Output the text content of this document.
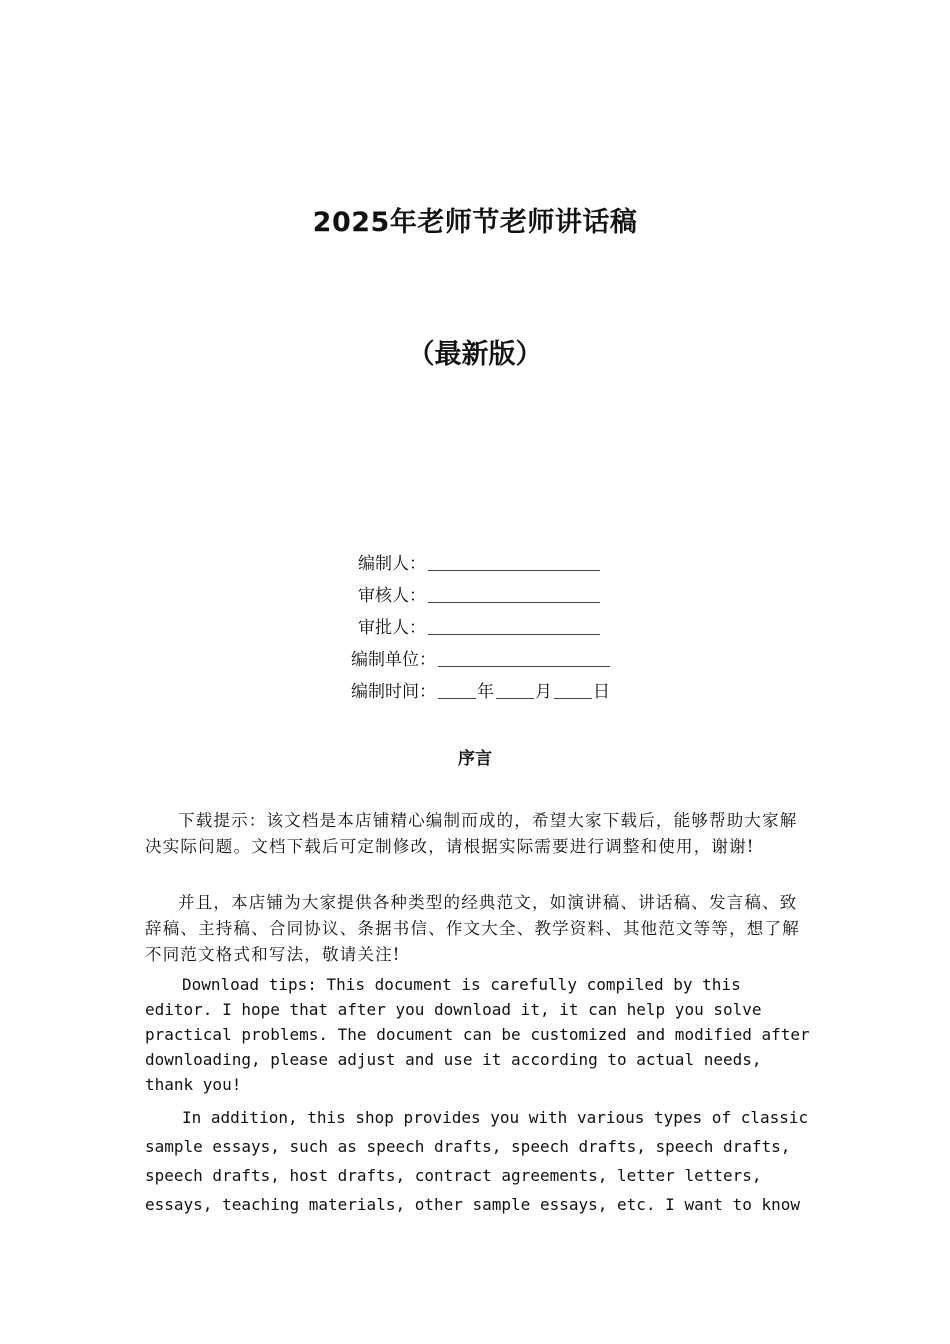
2025年老师节老师讲话稿
（最新版）
编制人：
审核人：
审批人：
编制单位：
编制时间： 年 月 日
序言

下载提示：该文档是本店铺精心编制而成的，希望大家下载后，能够帮助大家解决实际问题。文档下载后可定制修改，请根据实际需要进行调整和使用，谢谢!

并且，本店铺为大家提供各种类型的经典范文，如演讲稿、讲话稿、发言稿、致辞稿、主持稿、合同协议、条据书信、作文大全、教学资料、其他范文等等，想了解不同范文格式和写法，敬请关注!

Download tips: This document is carefully compiled by this editor. I hope that after you download it, it can help you solve practical problems. The document can be customized and modified after downloading, please adjust and use it according to actual needs, thank you!

In addition, this shop provides you with various types of classic sample essays, such as speech drafts, speech drafts, speech drafts, speech drafts, host drafts, contract agreements, letter letters, essays, teaching materials, other sample essays, etc. I want to know
